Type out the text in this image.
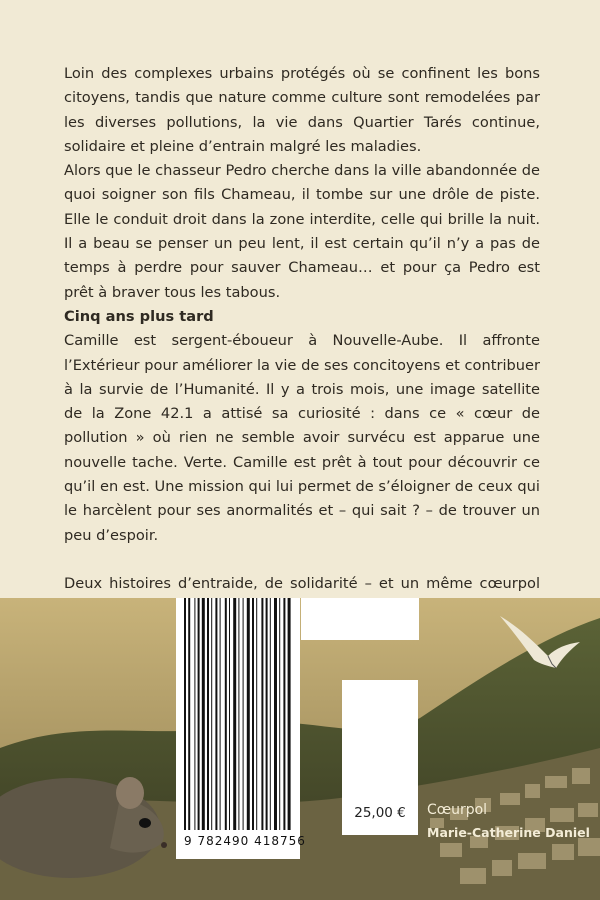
Loin des complexes urbains protégés où se confinent les bons citoyens, tandis que nature comme culture sont remodelées par les diverses pollutions, la vie dans Quartier Tarés continue, solidaire et pleine d’entrain malgré les maladies.

Alors que le chasseur Pedro cherche dans la ville abandonnée de quoi soigner son fils Chameau, il tombe sur une drôle de piste. Elle le conduit droit dans la zone interdite, celle qui brille la nuit. Il a beau se penser un peu lent, il est certain qu’il n’y a pas de temps à perdre pour sauver Chameau… et pour ça Pedro est prêt à braver tous les tabous.

Cinq ans plus tard

Camille est sergent-éboueur à Nouvelle-Aube. Il affronte l’Extérieur pour améliorer la vie de ses concitoyens et contribuer à la survie de l’Humanité. Il y a trois mois, une image satellite de la Zone 42.1 a attisé sa curiosité : dans ce « cœur de pollution » où rien ne semble avoir survécu est apparue une nouvelle tache. Verte. Camille est prêt à tout pour découvrir ce qu’il en est. Une mission qui lui permet de s’éloigner de ceux qui le harcèlent pour ses anormalités et – qui sait ? – de trouver un peu d’espoir.

Deux histoires d’entraide, de solidarité – et un même cœurpol

9 782490 418756
25,00 €	Cœurpol
Marie-Catherine Daniel
